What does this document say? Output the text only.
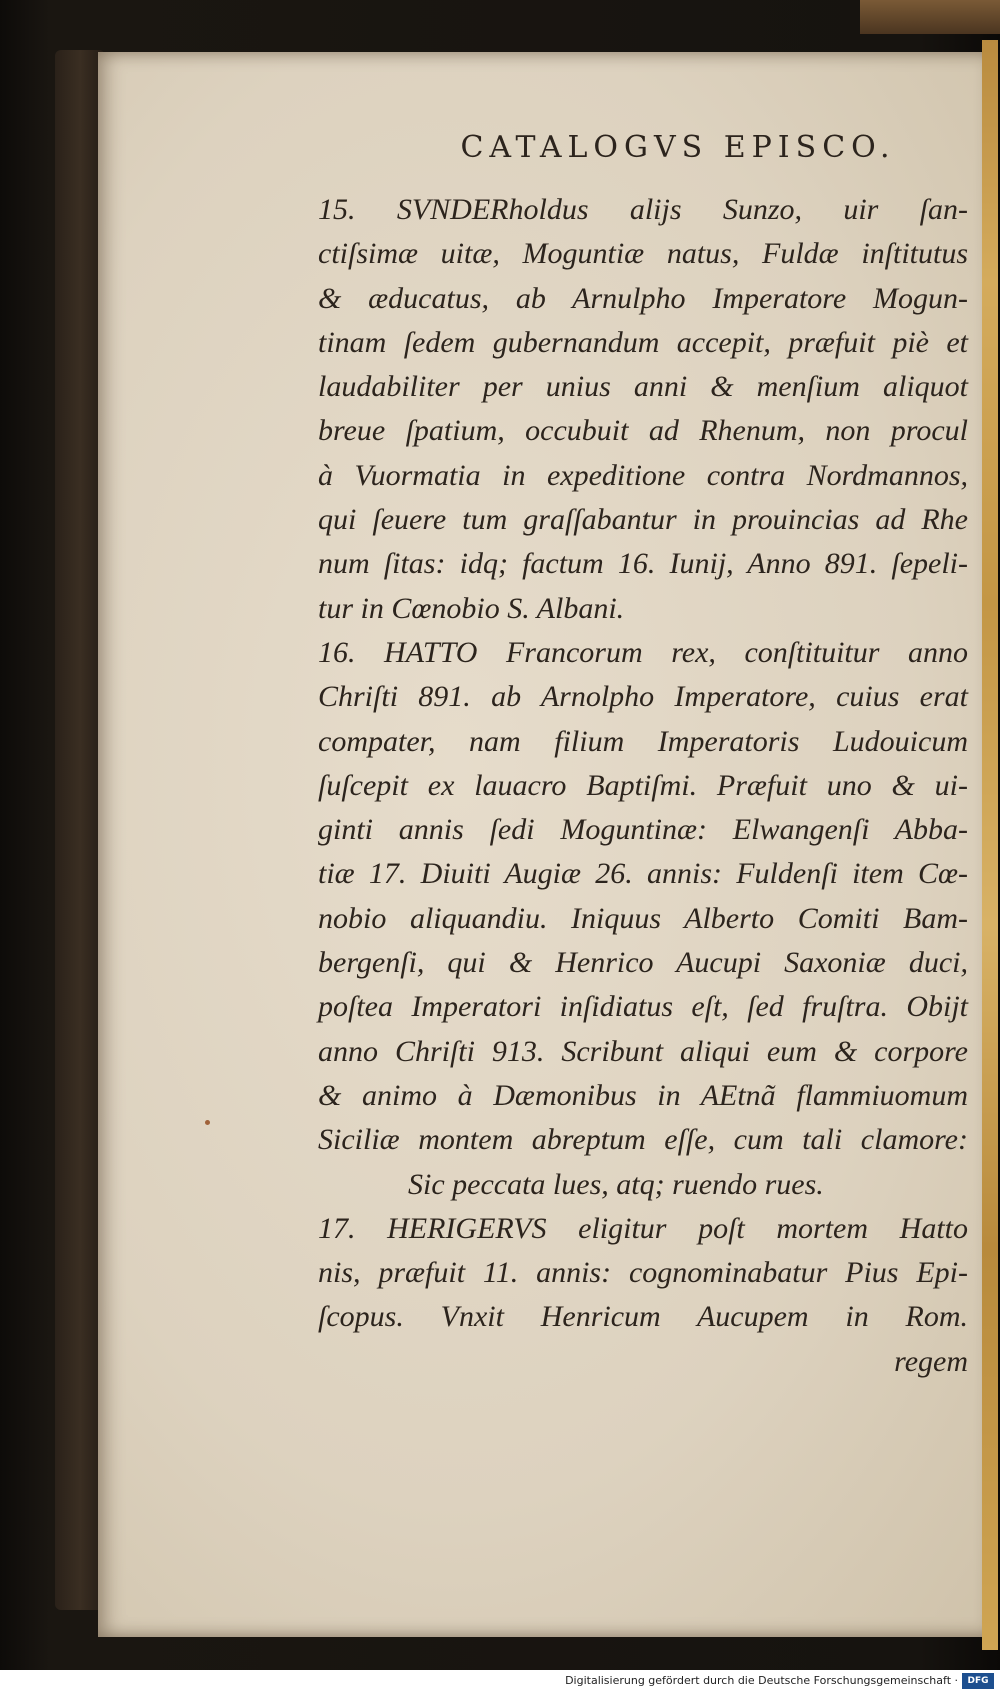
CATALOGVS EPISCO.
15. SVNDERholdus alijs Sunzo, uir ſan-
ctiſsimæ uitæ, Moguntiæ natus, Fuldæ inſtitutus
& æducatus, ab Arnulpho Imperatore Mogun-
tinam ſedem gubernandum accepit, præfuit piè et
laudabiliter per unius anni & menſium aliquot
breue ſpatium, occubuit ad Rhenum, non procul
à Vuormatia in expeditione contra Nordmannos,
qui ſeuere tum graſſabantur in prouincias ad Rhe
num ſitas: idq; factum 16. Iunij, Anno 891. ſepeli-
tur in Cœnobio S. Albani.
16. HATTO Francorum rex, conſtituitur anno
Chriſti 891. ab Arnolpho Imperatore, cuius erat
compater, nam filium Imperatoris Ludouicum
ſuſcepit ex lauacro Baptiſmi. Præfuit uno & ui-
ginti annis ſedi Moguntinæ: Elwangenſi Abba-
tiæ 17. Diuiti Augiæ 26. annis: Fuldenſi item Cœ-
nobio aliquandiu. Iniquus Alberto Comiti Bam-
bergenſi, qui & Henrico Aucupi Saxoniæ duci,
poſtea Imperatori inſidiatus eſt, ſed fruſtra. Obijt
anno Chriſti 913. Scribunt aliqui eum & corpore
& animo à Dæmonibus in AEtnã flammiuomum
Siciliæ montem abreptum eſſe, cum tali clamore:
Sic peccata lues, atq; ruendo rues.
17. HERIGERVS eligitur poſt mortem Hatto
nis, præfuit 11. annis: cognominabatur Pius Epi-
ſcopus. Vnxit Henricum Aucupem in Rom.
regem
Digitalisierung gefördert durch die Deutsche Forschungsgemeinschaft ·	DFG
